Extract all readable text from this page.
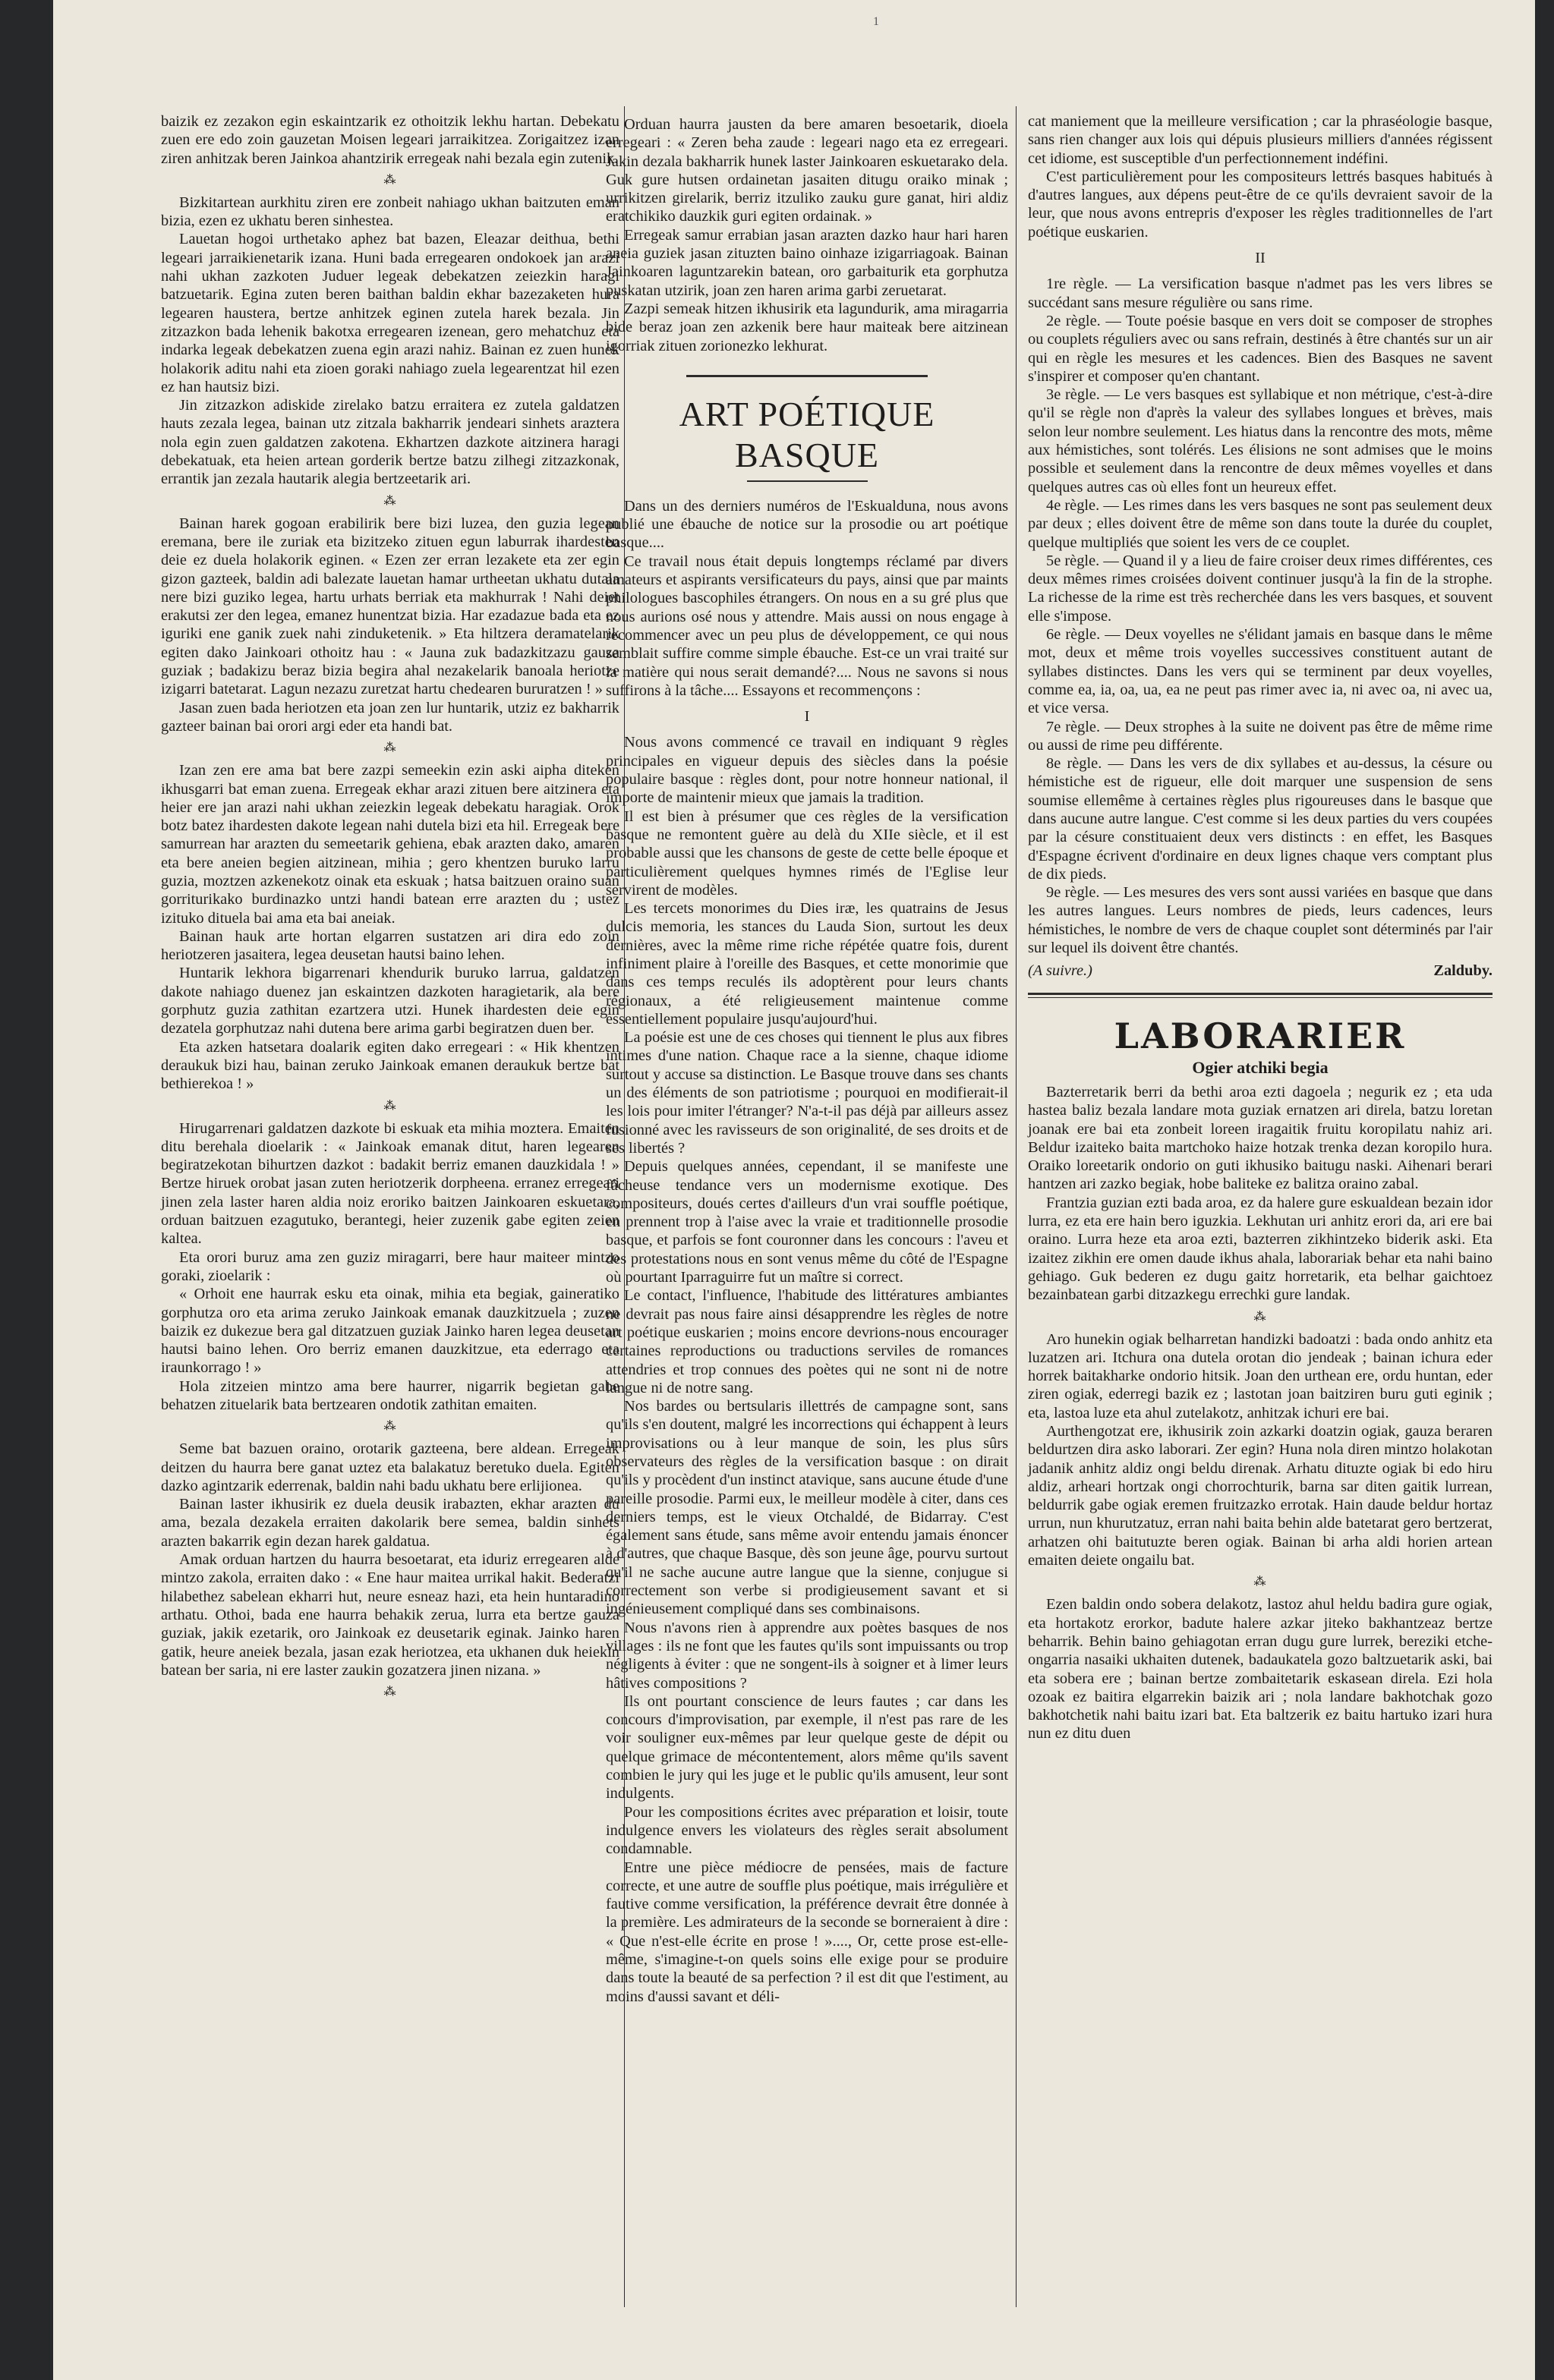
1

baizik ez zezakon egin eskaintzarik ez othoitzik lekhu hartan. Debekatu zuen ere edo zoin gauzetan Moisen legeari jarraikitzea. Zorigaitzez izan ziren anhitzak beren Jainkoa ahantzirik erregeak nahi bezala egin zutenik.

⁂

Bizkitartean aurkhitu ziren ere zonbeit nahiago ukhan baitzuten eman bizia, ezen ez ukhatu beren sinhestea.

Lauetan hogoi urthetako aphez bat bazen, Eleazar deithua, bethi legeari jarraikienetarik izana. Huni bada erregearen ondokoek jan arazi nahi ukhan zazkoten Juduer legeak debekatzen zeiezkin haragi batzuetarik. Egina zuten beren baithan baldin ekhar bazezaketen hura legearen haustera, bertze anhitzek eginen zutela harek bezala. Jin zitzazkon bada lehenik bakotxa erregearen izenean, gero mehatchuz eta indarka legeak debekatzen zuena egin arazi nahiz. Bainan ez zuen hunek holakorik aditu nahi eta zioen goraki nahiago zuela legearentzat hil ezen ez han hautsiz bizi.

Jin zitzazkon adiskide zirelako batzu erraitera ez zutela galdatzen hauts zezala legea, bainan utz zitzala bakharrik jendeari sinhets araztera nola egin zuen galdatzen zakotena. Ekhartzen dazkote aitzinera haragi debekatuak, eta heien artean gorderik bertze batzu zilhegi zitzazkonak, errantik jan zezala hautarik alegia bertzeetarik ari.

⁂

Bainan harek gogoan erabilirik bere bizi luzea, den guzia legean eremana, bere ile zuriak eta bizitzeko zituen egun laburrak ihardesten deie ez duela holakorik eginen. « Ezen zer erran lezakete eta zer egin gizon gazteek, baldin adi balezate lauetan hamar urtheetan ukhatu dutala nere bizi guziko legea, hartu urhats berriak eta makhurrak ! Nahi deiet erakutsi zer den legea, emanez hunentzat bizia. Har ezadazue bada eta ez iguriki ene ganik zuek nahi zinduketenik. » Eta hiltzera deramatelarik egiten dako Jainkoari othoitz hau : « Jauna zuk badazkitzazu gauza guziak ; badakizu beraz bizia begira ahal nezakelarik banoala heriotze izigarri batetarat. Lagun nezazu zuretzat hartu chedearen bururatzen ! »

Jasan zuen bada heriotzen eta joan zen lur huntarik, utziz ez bakharrik gazteer bainan bai orori argi eder eta handi bat.

⁂

Izan zen ere ama bat bere zazpi semeekin ezin aski aipha diteken ikhusgarri bat eman zuena. Erregeak ekhar arazi zituen bere aitzinera eta heier ere jan arazi nahi ukhan zeiezkin legeak debekatu haragiak. Orok botz batez ihardesten dakote legean nahi dutela bizi eta hil. Erregeak bere samurrean har arazten du semeetarik gehiena, ebak arazten dako, amaren eta bere aneien begien aitzinean, mihia ; gero khentzen buruko larru guzia, moztzen azkenekotz oinak eta eskuak ; hatsa baitzuen oraino suan gorriturikako burdinazko untzi handi batean erre arazten du ; ustez izituko dituela bai ama eta bai aneiak.

Bainan hauk arte hortan elgarren sustatzen ari dira edo zoin heriotzeren jasaitera, legea deusetan hautsi baino lehen.

Huntarik lekhora bigarrenari khendurik buruko larrua, galdatzen dakote nahiago duenez jan eskaintzen dazkoten haragietarik, ala bere gorphutz guzia zathitan ezartzera utzi. Hunek ihardesten deie egin dezatela gorphutzaz nahi dutena bere arima garbi begiratzen duen ber.

Eta azken hatsetara doalarik egiten dako erregeari : « Hik khentzen deraukuk bizi hau, bainan zeruko Jainkoak emanen deraukuk bertze bat bethierekoa ! »

⁂

Hirugarrenari galdatzen dazkote bi eskuak eta mihia moztera. Emaiten ditu berehala dioelarik : « Jainkoak emanak ditut, haren legearen begiratzekotan bihurtzen dazkot : badakit berriz emanen dauzkidala ! » Bertze hiruek orobat jasan zuten heriotzerik dorpheena. erranez erregeari jinen zela laster haren aldia noiz eroriko baitzen Jainkoaren eskuetara, orduan baitzuen ezagutuko, berantegi, heier zuzenik gabe egiten zeien kaltea.

Eta orori buruz ama zen guziz miragarri, bere haur maiteer mintzo goraki, zioelarik :

« Orhoit ene haurrak esku eta oinak, mihia eta begiak, gaineratiko gorphutza oro eta arima zeruko Jainkoak emanak dauzkitzuela ; zuzen baizik ez dukezue bera gal ditzatzuen guziak Jainko haren legea deusetan hautsi baino lehen. Oro berriz emanen dauzkitzue, eta ederrago eta iraunkorrago ! »

Hola zitzeien mintzo ama bere haurrer, nigarrik begietan gabe behatzen zituelarik bata bertzearen ondotik zathitan emaiten.

⁂

Seme bat bazuen oraino, orotarik gazteena, bere aldean. Erregeak deitzen du haurra bere ganat uztez eta balakatuz beretuko duela. Egiten dazko agintzarik ederrenak, baldin nahi badu ukhatu bere erlijionea.

Bainan laster ikhusirik ez duela deusik irabazten, ekhar arazten du ama, bezala dezakela erraiten dakolarik bere semea, baldin sinhets arazten bakarrik egin dezan harek galdatua.

Amak orduan hartzen du haurra besoetarat, eta iduriz erregearen alde mintzo zakola, erraiten dako : « Ene haur maitea urrikal hakit. Bederatzi hilabethez sabelean ekharri hut, neure esneaz hazi, eta hein huntaradino arthatu. Othoi, bada ene haurra behakik zerua, lurra eta bertze gauza guziak, jakik ezetarik, oro Jainkoak ez deusetarik eginak. Jainko haren gatik, heure aneiek bezala, jasan ezak heriotzea, eta ukhanen duk heiekin batean ber saria, ni ere laster zaukin gozatzera jinen nizana. »

⁂

Orduan haurra jausten da bere amaren besoetarik, dioela erregeari : « Zeren beha zaude : legeari nago eta ez erregeari. Jakin dezala bakharrik hunek laster Jainkoaren eskuetarako dela. Guk gure hutsen ordainetan jasaiten ditugu oraiko minak ; urrikitzen girelarik, berriz itzuliko zauku gure ganat, hiri aldiz eratchikiko dauzkik guri egiten ordainak. »

Erregeak samur errabian jasan arazten dazko haur hari haren aneia guziek jasan zituzten baino oinhaze izigarriagoak. Bainan Jainkoaren laguntzarekin batean, oro garbaiturik eta gorphutza puskatan utzirik, joan zen haren arima garbi zeruetarat.

Zazpi semeak hitzen ikhusirik eta lagundurik, ama miragarria bide beraz joan zen azkenik bere haur maiteak bere aitzinean igorriak zituen zorionezko lekhurat.

ART POÉTIQUE BASQUE

Dans un des derniers numéros de l'Eskualduna, nous avons publié une ébauche de notice sur la prosodie ou art poétique basque....

Ce travail nous était depuis longtemps réclamé par divers amateurs et aspirants versificateurs du pays, ainsi que par maints philologues bascophiles étrangers. On nous en a su gré plus que nous aurions osé nous y attendre. Mais aussi on nous engage à recommencer avec un peu plus de développement, ce qui nous semblait suffire comme simple ébauche. Est-ce un vrai traité sur la matière qui nous serait demandé?.... Nous ne savons si nous suffirons à la tâche.... Essayons et recommençons :

I

Nous avons commencé ce travail en indiquant 9 règles principales en vigueur depuis des siècles dans la poésie populaire basque : règles dont, pour notre honneur national, il importe de maintenir mieux que jamais la tradition.

Il est bien à présumer que ces règles de la versification basque ne remontent guère au delà du XIIe siècle, et il est probable aussi que les chansons de geste de cette belle époque et particulièrement quelques hymnes rimés de l'Eglise leur servirent de modèles.

Les tercets monorimes du Dies iræ, les quatrains de Jesus dulcis memoria, les stances du Lauda Sion, surtout les deux dernières, avec la même rime riche répétée quatre fois, durent infiniment plaire à l'oreille des Basques, et cette monorimie que dans ces temps reculés ils adoptèrent pour leurs chants régionaux, a été religieusement maintenue comme essentiellement populaire jusqu'aujourd'hui.

La poésie est une de ces choses qui tiennent le plus aux fibres intimes d'une nation. Chaque race a la sienne, chaque idiome surtout y accuse sa distinction. Le Basque trouve dans ses chants un des éléments de son patriotisme ; pourquoi en modifierait-il les lois pour imiter l'étranger? N'a-t-il pas déjà par ailleurs assez fusionné avec les ravisseurs de son originalité, de ses droits et de ses libertés ?

Depuis quelques années, cependant, il se manifeste une fâcheuse tendance vers un modernisme exotique. Des compositeurs, doués certes d'ailleurs d'un vrai souffle poétique, en prennent trop à l'aise avec la vraie et traditionnelle prosodie basque, et parfois se font couronner dans les concours : l'aveu et des protestations nous en sont venus même du côté de l'Espagne où pourtant Iparraguirre fut un maître si correct.

Le contact, l'influence, l'habitude des littératures ambiantes ne devrait pas nous faire ainsi désapprendre les règles de notre art poétique euskarien ; moins encore devrions-nous encourager certaines reproductions ou traductions serviles de romances attendries et trop connues des poètes qui ne sont ni de notre langue ni de notre sang.

Nos bardes ou bertsularis illettrés de campagne sont, sans qu'ils s'en doutent, malgré les incorrections qui échappent à leurs improvisations ou à leur manque de soin, les plus sûrs observateurs des règles de la versification basque : on dirait qu'ils y procèdent d'un instinct atavique, sans aucune étude d'une pareille prosodie. Parmi eux, le meilleur modèle à citer, dans ces derniers temps, est le vieux Otchaldé, de Bidarray. C'est également sans étude, sans même avoir entendu jamais énoncer à d'autres, que chaque Basque, dès son jeune âge, pourvu surtout qu'il ne sache aucune autre langue que la sienne, conjugue si correctement son verbe si prodigieusement savant et si ingénieusement compliqué dans ses combinaisons.

Nous n'avons rien à apprendre aux poètes basques de nos villages : ils ne font que les fautes qu'ils sont impuissants ou trop négligents à éviter : que ne songent-ils à soigner et à limer leurs hâtives compositions ?

Ils ont pourtant conscience de leurs fautes ; car dans les concours d'improvisation, par exemple, il n'est pas rare de les voir souligner eux-mêmes par leur quelque geste de dépit ou quelque grimace de mécontentement, alors même qu'ils savent combien le jury qui les juge et le public qu'ils amusent, leur sont indulgents.

Pour les compositions écrites avec préparation et loisir, toute indulgence envers les violateurs des règles serait absolument condamnable.

Entre une pièce médiocre de pensées, mais de facture correcte, et une autre de souffle plus poétique, mais irrégulière et fautive comme versification, la préférence devrait être donnée à la première. Les admirateurs de la seconde se borneraient à dire : « Que n'est-elle écrite en prose ! »...., Or, cette prose est-elle-même, s'imagine-t-on quels soins elle exige pour se produire dans toute la beauté de sa perfection ? il est dit que l'estiment, au moins d'aussi savant et déli-

cat maniement que la meilleure versification ; car la phraséologie basque, sans rien changer aux lois qui dépuis plusieurs milliers d'années régissent cet idiome, est susceptible d'un perfectionnement indéfini.

C'est particulièrement pour les compositeurs lettrés basques habitués à d'autres langues, aux dépens peut-être de ce qu'ils devraient savoir de la leur, que nous avons entrepris d'exposer les règles traditionnelles de l'art poétique euskarien.

II

1re règle. — La versification basque n'admet pas les vers libres se succédant sans mesure régulière ou sans rime.

2e règle. — Toute poésie basque en vers doit se composer de strophes ou couplets réguliers avec ou sans refrain, destinés à être chantés sur un air qui en règle les mesures et les cadences. Bien des Basques ne savent s'inspirer et composer qu'en chantant.

3e règle. — Le vers basques est syllabique et non métrique, c'est-à-dire qu'il se règle non d'après la valeur des syllabes longues et brèves, mais selon leur nombre seulement. Les hiatus dans la rencontre des mots, même aux hémistiches, sont tolérés. Les élisions ne sont admises que le moins possible et seulement dans la rencontre de deux mêmes voyelles et dans quelques autres cas où elles font un heureux effet.

4e règle. — Les rimes dans les vers basques ne sont pas seulement deux par deux ; elles doivent être de même son dans toute la durée du couplet, quelque multipliés que soient les vers de ce couplet.

5e règle. — Quand il y a lieu de faire croiser deux rimes différentes, ces deux mêmes rimes croisées doivent continuer jusqu'à la fin de la strophe. La richesse de la rime est très recherchée dans les vers basques, et souvent elle s'impose.

6e règle. — Deux voyelles ne s'élidant jamais en basque dans le même mot, deux et même trois voyelles successives constituent autant de syllabes distinctes. Dans les vers qui se terminent par deux voyelles, comme ea, ia, oa, ua, ea ne peut pas rimer avec ia, ni avec oa, ni avec ua, et vice versa.

7e règle. — Deux strophes à la suite ne doivent pas être de même rime ou aussi de rime peu différente.

8e règle. — Dans les vers de dix syllabes et au-dessus, la césure ou hémistiche est de rigueur, elle doit marquer une suspension de sens soumise ellemême à certaines règles plus rigoureuses dans le basque que dans aucune autre langue. C'est comme si les deux parties du vers coupées par la césure constituaient deux vers distincts : en effet, les Basques d'Espagne écrivent d'ordinaire en deux lignes chaque vers comptant plus de dix pieds.

9e règle. — Les mesures des vers sont aussi variées en basque que dans les autres langues. Leurs nombres de pieds, leurs cadences, leurs hémistiches, le nombre de vers de chaque couplet sont déterminés par l'air sur lequel ils doivent être chantés.

(A suivre.)	Zalduby.
LABORARIER
Ogier atchiki begia

Bazterretarik berri da bethi aroa ezti dagoela ; negurik ez ; eta uda hastea baliz bezala landare mota guziak ernatzen ari direla, batzu loretan joanak ere bai eta zonbeit loreen iragaitik fruitu koropilatu nahiz ari. Beldur izaiteko baita martchoko haize hotzak trenka dezan koropilo hura. Oraiko loreetarik ondorio on guti ikhusiko baitugu naski. Aihenari berari hantzen ari zazko begiak, hobe baliteke ez balitza oraino zabal.

Frantzia guzian ezti bada aroa, ez da halere gure eskualdean bezain idor lurra, ez eta ere hain bero iguzkia. Lekhutan uri anhitz erori da, ari ere bai oraino. Lurra heze eta aroa ezti, bazterren zikhintzeko biderik aski. Eta izaitez zikhin ere omen daude ikhus ahala, laborariak behar eta nahi baino gehiago. Guk bederen ez dugu gaitz horretarik, eta belhar gaichtoez bezainbatean garbi ditzazkegu errechki gure landak.

⁂

Aro hunekin ogiak belharretan handizki badoatzi : bada ondo anhitz eta luzatzen ari. Itchura ona dutela orotan dio jendeak ; bainan ichura eder horrek baitakharke ondorio hitsik. Joan den urthean ere, ordu huntan, eder ziren ogiak, ederregi bazik ez ; lastotan joan baitziren buru guti eginik ; eta, lastoa luze eta ahul zutelakotz, anhitzak ichuri ere bai.

Aurthengotzat ere, ikhusirik zoin azkarki doatzin ogiak, gauza beraren beldurtzen dira asko laborari. Zer egin? Huna nola diren mintzo holakotan jadanik anhitz aldiz ongi beldu direnak. Arhatu dituzte ogiak bi edo hiru aldiz, arheari hortzak ongi chorrochturik, barna sar diten gaitik lurrean, beldurrik gabe ogiak eremen fruitzazko errotak. Hain daude beldur hortaz urrun, nun khurutzatuz, erran nahi baita behin alde batetarat gero bertzerat, arhatzen ohi baitutuzte beren ogiak. Bainan bi arha aldi horien artean emaiten deiete ongailu bat.

⁂

Ezen baldin ondo sobera delakotz, lastoz ahul heldu badira gure ogiak, eta hortakotz erorkor, badute halere azkar jiteko bakhantzeaz bertze beharrik. Behin baino gehiagotan erran dugu gure lurrek, bereziki etche-ongarria nasaiki ukhaiten dutenek, badaukatela gozo baltzuetarik aski, bai eta sobera ere ; bainan bertze zombaitetarik eskasean direla. Ezi hola ozoak ez baitira elgarrekin baizik ari ; nola landare bakhotchak gozo bakhotchetik nahi baitu izari bat. Eta baltzerik ez baitu hartuko izari hura nun ez ditu duen
